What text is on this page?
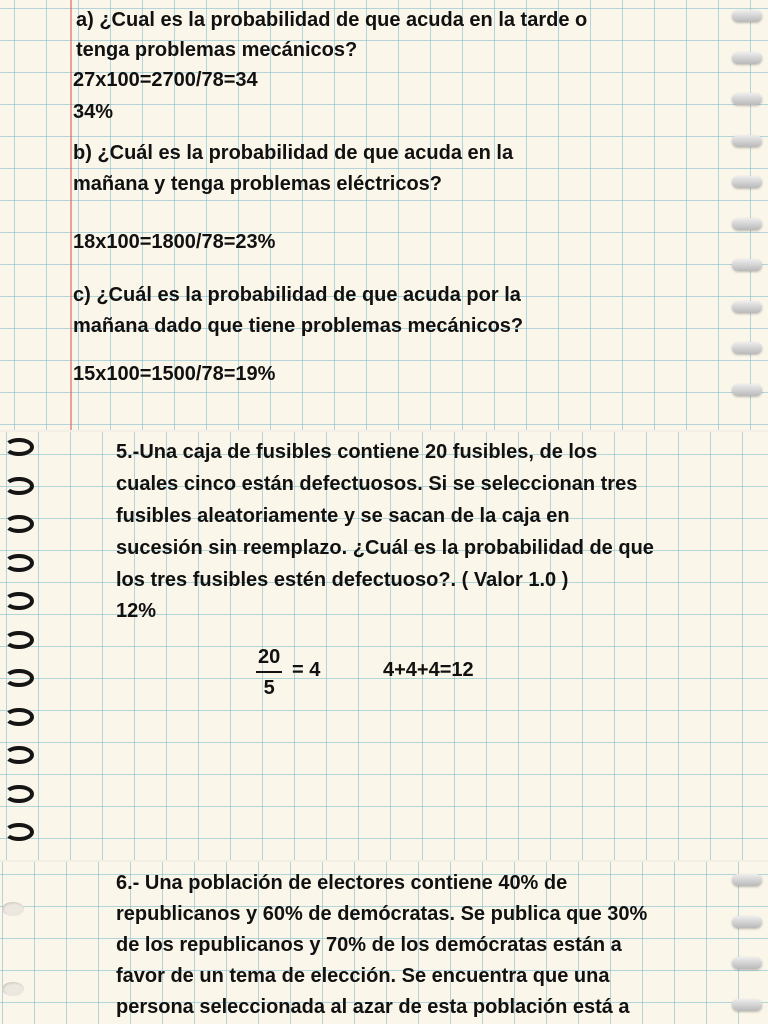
a) ¿Cual es la probabilidad de que acuda en la tarde o
tenga problemas mecánicos?

27x100=2700/78=34

34%

b) ¿Cuál es la probabilidad de que acuda en la
mañana y tenga problemas eléctricos?

18x100=1800/78=23%

c) ¿Cuál es la probabilidad de que acuda por la
mañana dado que tiene problemas mecánicos?

15x100=1500/78=19%

5.-Una caja de fusibles contiene 20 fusibles, de los
cuales cinco están defectuosos. Si se seleccionan tres
fusibles aleatoriamente y se sacan de la caja en
sucesión sin reemplazo. ¿Cuál es la probabilidad de que
los tres fusibles estén defectuoso?. ( Valor 1.0 )

12%

$\frac{20}{5} = 4$	4+4+4=12

6.- Una población de electores contiene 40% de
republicanos y 60% de demócratas. Se publica que 30%
de los republicanos y 70% de los demócratas están a
favor de un tema de elección. Se encuentra que una
persona seleccionada al azar de esta población está a
